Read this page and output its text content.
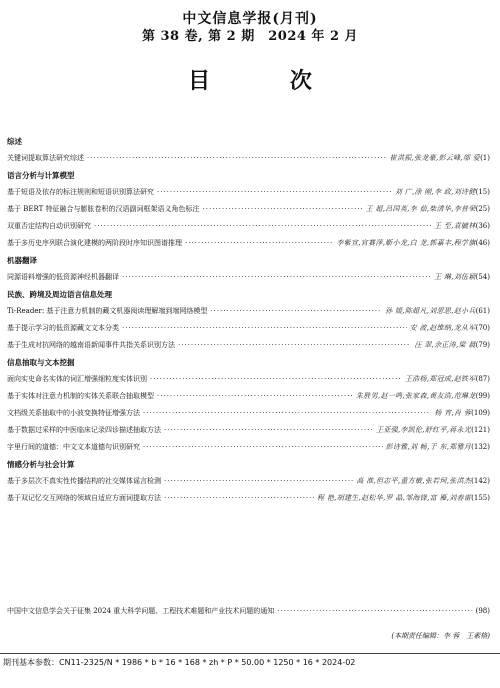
中文信息学报(月刊)
第 38 卷, 第 2 期　2024 年 2 月
目 次
综述
关键词提取算法研究综述 ·····	崔洪振,张龙豪,彭云峰,邬 爱 (1)
语言分析与计算模型
基于短语及依存的标注规则和短语识别算法研究 ·····	刘 广,涂 刚,李 政,刘诗健 (15)
基于 BERT 特征融合与膨胀卷积的汉语副词框架语义角色标注 ·····	王 超,吕国英,李 茹,柴清华,李普荣 (25)
双重否定结构自动识别研究 ·····	王 至,袁毓林 (36)
基于多历史序列联合演化建模的两阶段时序知识图谱推理 ·····	李紫宣,官赛萍,靳小龙,白 龙,郭嘉丰,程学旗 (46)
机器翻译
同源语料增强的低资源神经机器翻译 ·····	王 琳,刘伍颖 (54)
民族、跨境及周边语言信息处理
Ti-Reader: 基于注意力机制的藏文机器阅读理解端到端网络模型 ·····	孙 媛,陈超凡,刘思思,赵小兵 (61)
基于提示学习的低资源藏文文本分类 ·····	安 波,赵维纳,龙从军 (70)
基于生成对抗网络的越南语新闻事件共指关系识别方法 ·····	汪 翠,余正涛,梁 晨 (79)
信息抽取与文本挖掘
面向实史命名实体的词汇增强细粒度实体识别 ·····	王浩杨,郑冠成,赵铁军 (87)
基于实体对注意力机制的实体关系联合抽取模型 ·····	朱胜男,赵一鸣,张家森,黄友浩,范琳龙 (99)
文档级关系抽取中的小波变换特征增强方法 ·····	杨 宵,肖 蓉 (109)
基于数据过采样的中医临床记录四诊描述抽取方法 ·····	王亚强,李凯伦,舒红平,蒋永光 (121)
字里行间的道德：中文文本道德句识别研究 ·····	彭诗雅,刘 畅,于 东,郑雅月 (132)
情感分析与社会计算
基于多层次不真实性传播结构的社交媒体谣言检测 ·····	高 准,但志平,董方敏,张若珂,张洪杰 (142)
基于双记忆交互网络的领域自适应方面词提取方法 ·····	程 艳,胡建生,赵松华,罗 晶,邹海锋,富 雁,刘春雷 (155)
中国中文信息学会关于征集 2024 重大科学问题、工程技术难题和产业技术问题的通知 ·····	(98)
(本期责任编辑：李 蓉　王素格)
期刊基本参数：CN11-2325/N * 1986 * b * 16 * 168 * zh * P * 50.00 * 1250 * 16 * 2024-02
